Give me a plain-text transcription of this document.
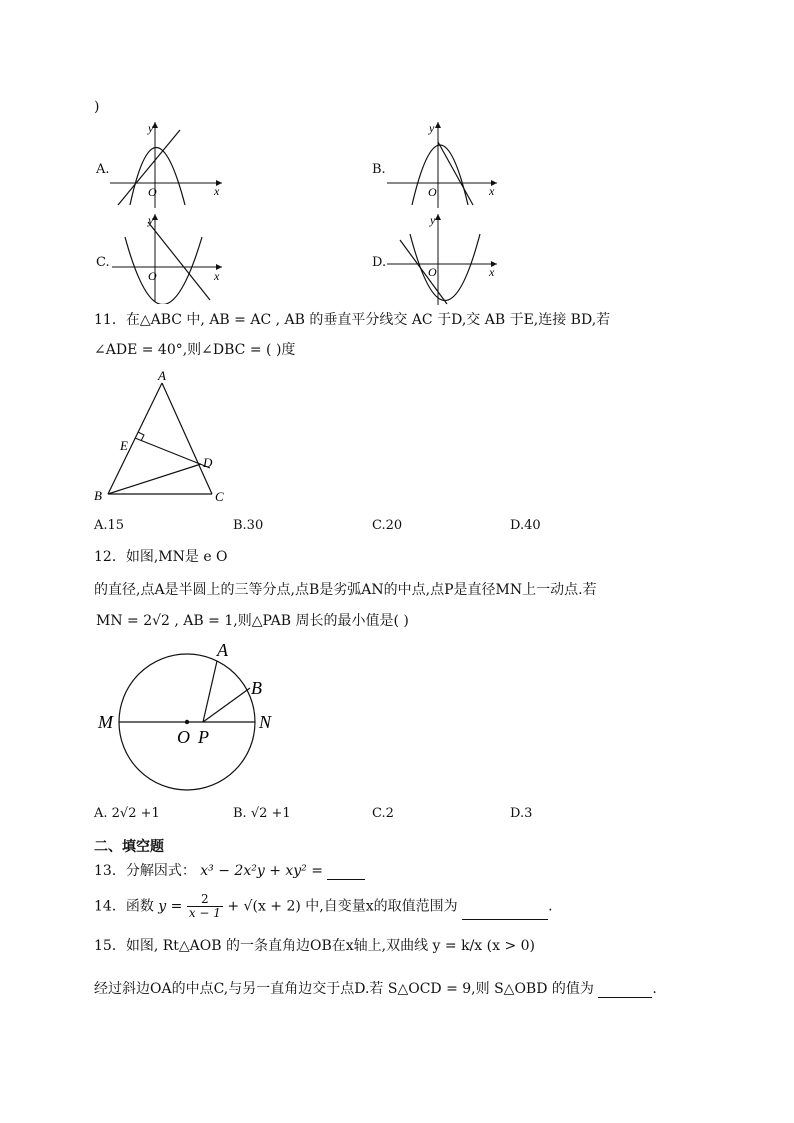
)
A.
y
x
O
B.
y
x
O
C.
y
x
O
D.
y
x
O
11．在△ABC 中, AB = AC , AB 的垂直平分线交 AC 于D,交 AB 于E,连接 BD,若
∠ADE = 40°,则∠DBC = ( )度
A
B	C
D
E
A.15	B.30	C.20	D.40
12．如图,MN是 e O
的直径,点A是半圆上的三等分点,点B是劣弧AN的中点,点P是直径MN上一动点.若
MN = 2√2 , AB = 1,则△PAB 周长的最小值是( )
M	N
O P
A
B
A. 2√2 +1	B. √2 +1	C.2	D.3
二、填空题
13．分解因式： x³ − 2x²y + xy² =
14．函数 $y = \frac{2}{x - 1} + √(x + 2)$ 中,自变量x的取值范围为	.
15．如图, Rt△AOB 的一条直角边OB在x轴上,双曲线 y = k/x (x > 0)
经过斜边OA的中点C,与另一直角边交于点D.若 S△OCD = 9,则 S△OBD 的值为	.
